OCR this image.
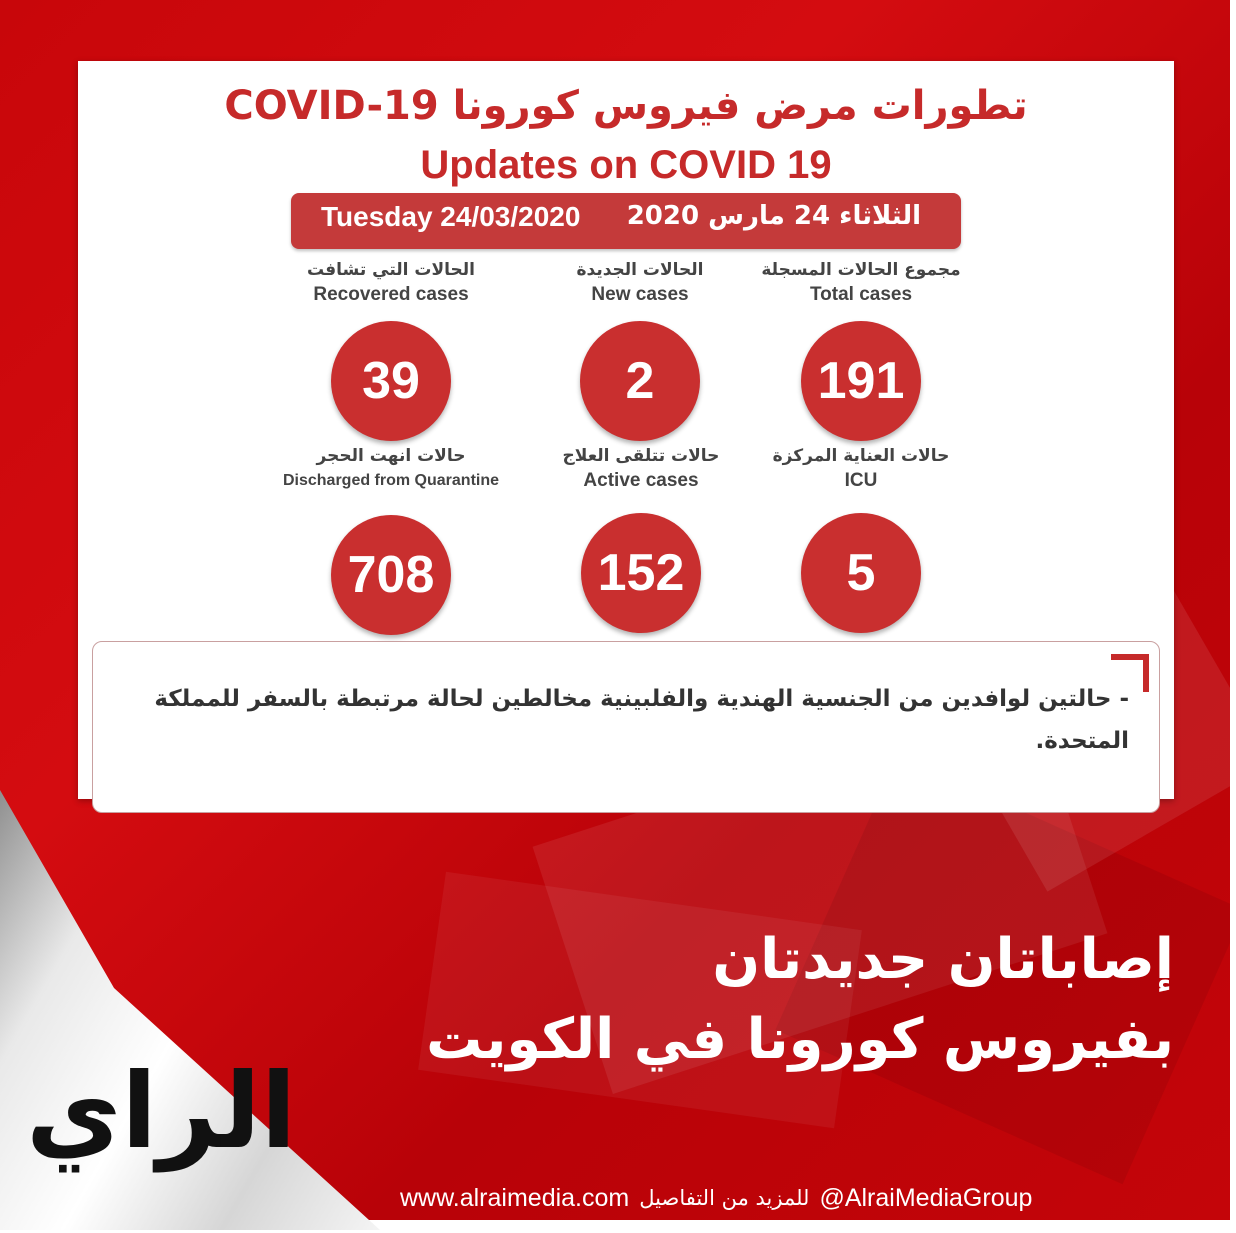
تطورات مرض فيروس كورونا COVID-19
Updates on COVID 19
Tuesday 24/03/2020 الثلاثاء 24 مارس 2020
الحالات التي تشافت
Recovered cases
39
الحالات الجديدة
New cases
2
مجموع الحالات المسجلة
Total cases
191
حالات انهت الحجر
Discharged from Quarantine
708
حالات تتلقى العلاج
Active cases
152
حالات العناية المركزة
ICU
5
- حالتين لوافدين من الجنسية الهندية والفلبينية مخالطين لحالة مرتبطة بالسفر للمملكة المتحدة.
إصاباتان جديدتان
بفيروس كورونا في الكويت
الراي
www.alraimedia.com للمزيد من التفاصيل @AlraiMediaGroup
